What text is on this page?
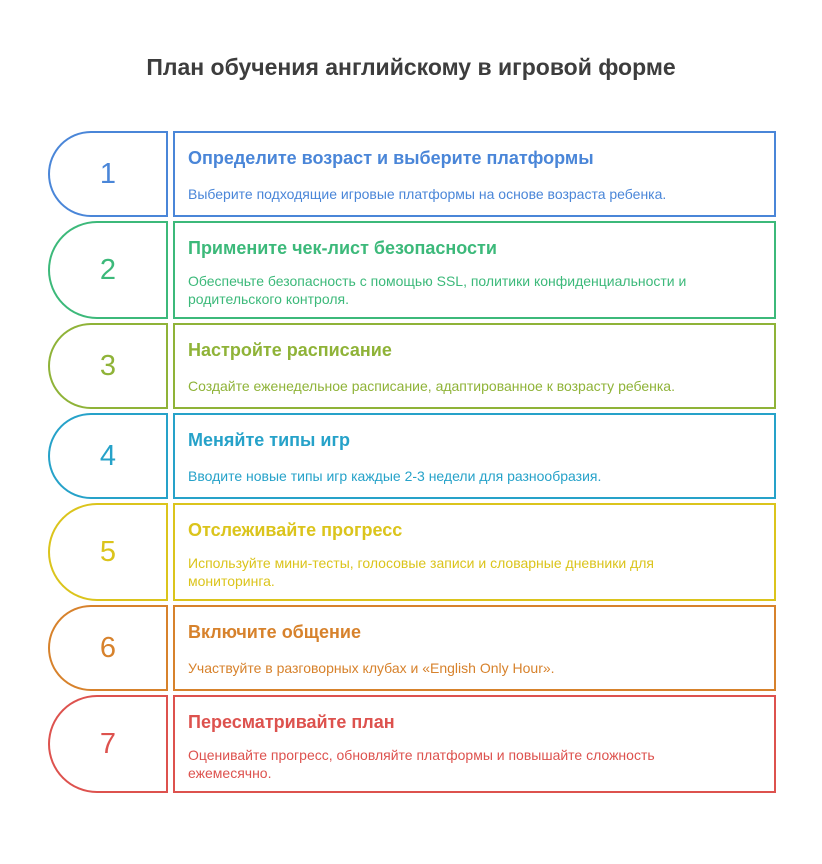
План обучения английскому в игровой форме
1	Определите возраст и выберите платформы

Выберите подходящие игровые платформы на основе возраста ребенка.

2
Примените чек-лист безопасности

Обеспечьте безопасность с помощью SSL, политики конфиденциальности и родительского контроля.

3	Настройте расписание

Создайте еженедельное расписание, адаптированное к возрасту ребенка.

4	Меняйте типы игр

Вводите новые типы игр каждые 2-3 недели для разнообразия.

5
Отслеживайте прогресс

Используйте мини-тесты, голосовые записи и словарные дневники для мониторинга.

6	Включите общение

Участвуйте в разговорных клубах и «English Only Hour».

7
Пересматривайте план

Оценивайте прогресс, обновляйте платформы и повышайте сложность ежемесячно.
